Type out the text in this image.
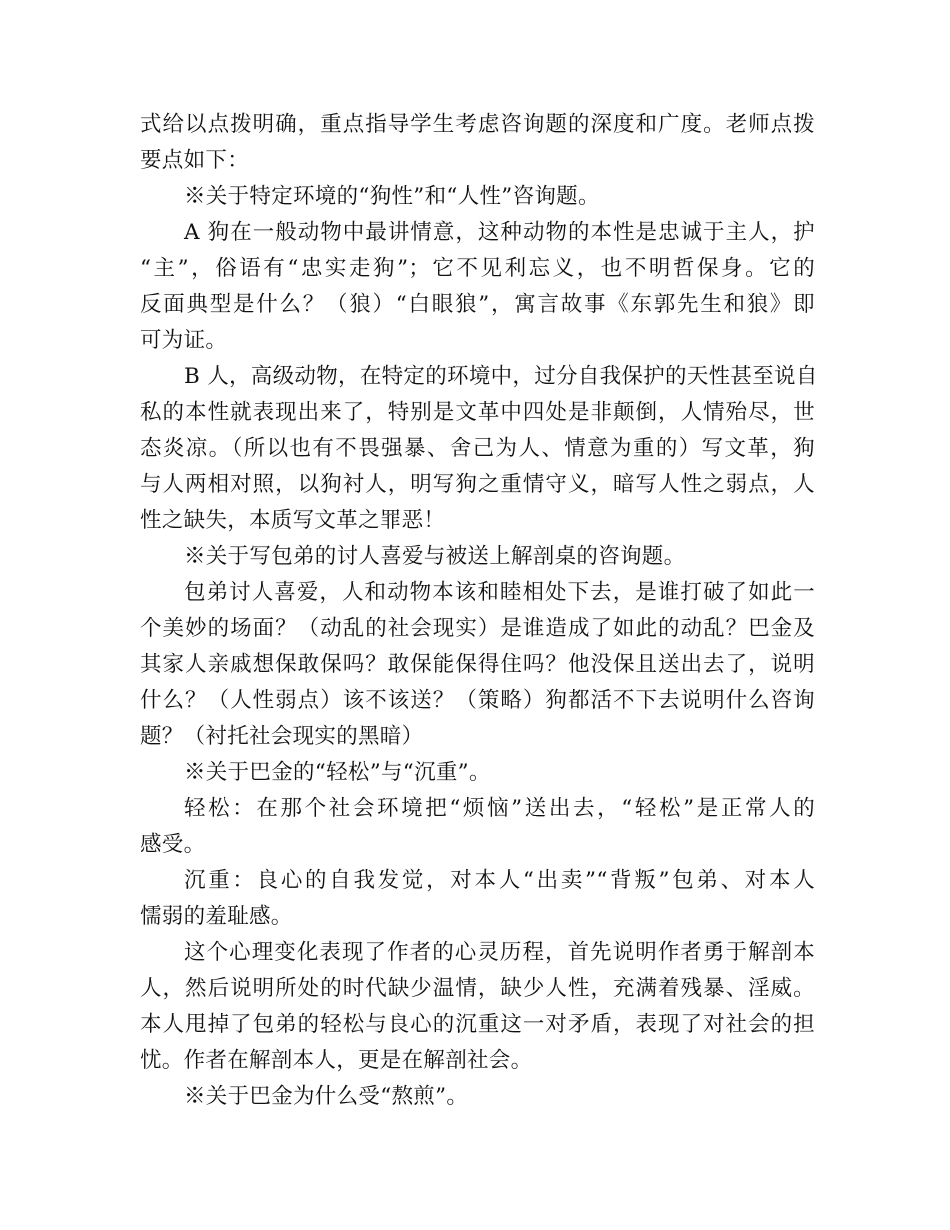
式给以点拨明确，重点指导学生考虑咨询题的深度和广度。老师点拨
要点如下：
※关于特定环境的“狗性”和“人性”咨询题。
A 狗在一般动物中最讲情意，这种动物的本性是忠诚于主人，护
“主”，俗语有“忠实走狗”；它不见利忘义，也不明哲保身。它的
反面典型是什么？（狼）“白眼狼”，寓言故事《东郭先生和狼》即
可为证。
B 人，高级动物，在特定的环境中，过分自我保护的天性甚至说自
私的本性就表现出来了，特别是文革中四处是非颠倒，人情殆尽，世
态炎凉。（所以也有不畏强暴、舍己为人、情意为重的）写文革，狗
与人两相对照，以狗衬人，明写狗之重情守义，暗写人性之弱点，人
性之缺失，本质写文革之罪恶！
※关于写包弟的讨人喜爱与被送上解剖桌的咨询题。
包弟讨人喜爱，人和动物本该和睦相处下去，是谁打破了如此一
个美妙的场面？（动乱的社会现实）是谁造成了如此的动乱？巴金及
其家人亲戚想保敢保吗？敢保能保得住吗？他没保且送出去了，说明
什么？（人性弱点）该不该送？（策略）狗都活不下去说明什么咨询
题？（衬托社会现实的黑暗）
※关于巴金的“轻松”与“沉重”。
轻松：在那个社会环境把“烦恼”送出去，“轻松”是正常人的
感受。
沉重：良心的自我发觉，对本人“出卖”“背叛”包弟、对本人
懦弱的羞耻感。
这个心理变化表现了作者的心灵历程，首先说明作者勇于解剖本
人，然后说明所处的时代缺少温情，缺少人性，充满着残暴、淫威。
本人甩掉了包弟的轻松与良心的沉重这一对矛盾，表现了对社会的担
忧。作者在解剖本人，更是在解剖社会。
※关于巴金为什么受“熬煎”。
